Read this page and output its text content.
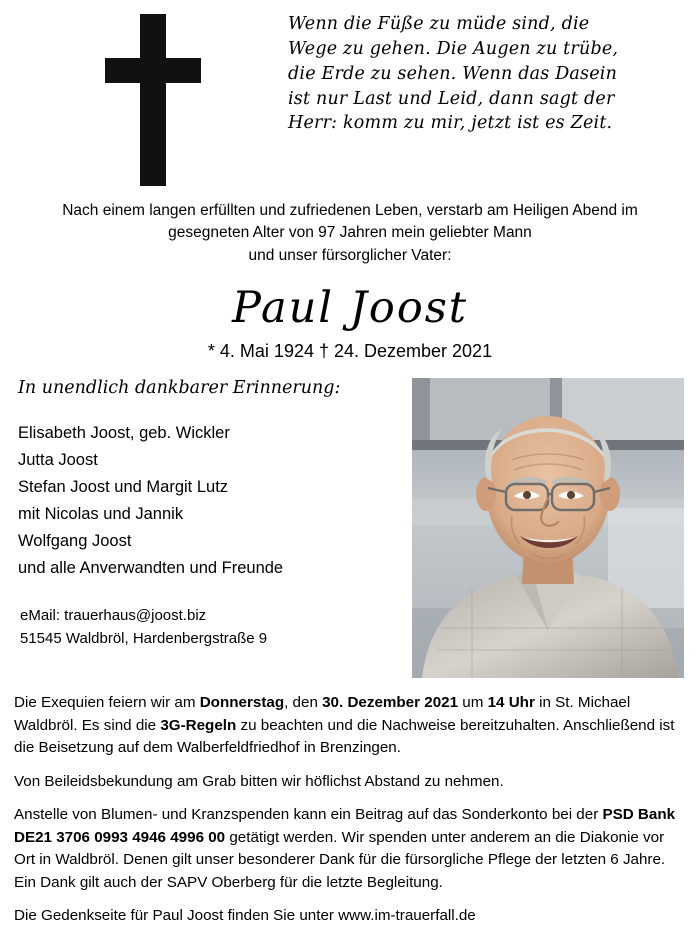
Wenn die Füße zu müde sind, die
Wege zu gehen. Die Augen zu trübe,
die Erde zu sehen. Wenn das Dasein
ist nur Last und Leid, dann sagt der
Herr: komm zu mir, jetzt ist es Zeit.
Nach einem langen erfüllten und zufriedenen Leben, verstarb am Heiligen Abend im
gesegneten Alter von 97 Jahren mein geliebter Mann
und unser fürsorglicher Vater:
Paul Joost
* 4. Mai 1924 † 24. Dezember 2021
In unendlich dankbarer Erinnerung:
Elisabeth Joost, geb. Wickler
Jutta Joost
Stefan Joost und Margit Lutz
mit Nicolas und Jannik
Wolfgang Joost
und alle Anverwandten und Freunde
eMail: trauerhaus@joost.biz
51545 Waldbröl, Hardenbergstraße 9
Die Exequien feiern wir am Donnerstag, den 30. Dezember 2021 um 14 Uhr in St. Michael Waldbröl. Es sind die 3G-Regeln zu beachten und die Nachweise bereitzuhalten. Anschließend ist die Beisetzung auf dem Walberfeldfriedhof in Brenzingen.
Von Beileidsbekundung am Grab bitten wir höflichst Abstand zu nehmen.
Anstelle von Blumen- und Kranzspenden kann ein Beitrag auf das Sonderkonto bei der PSD Bank DE21 3706 0993 4946 4996 00 getätigt werden. Wir spenden unter anderem an die Diakonie vor Ort in Waldbröl. Denen gilt unser besonderer Dank für die fürsorgliche Pflege der letzten 6 Jahre. Ein Dank gilt auch der SAPV Oberberg für die letzte Begleitung.
Die Gedenkseite für Paul Joost finden Sie unter www.im-trauerfall.de
